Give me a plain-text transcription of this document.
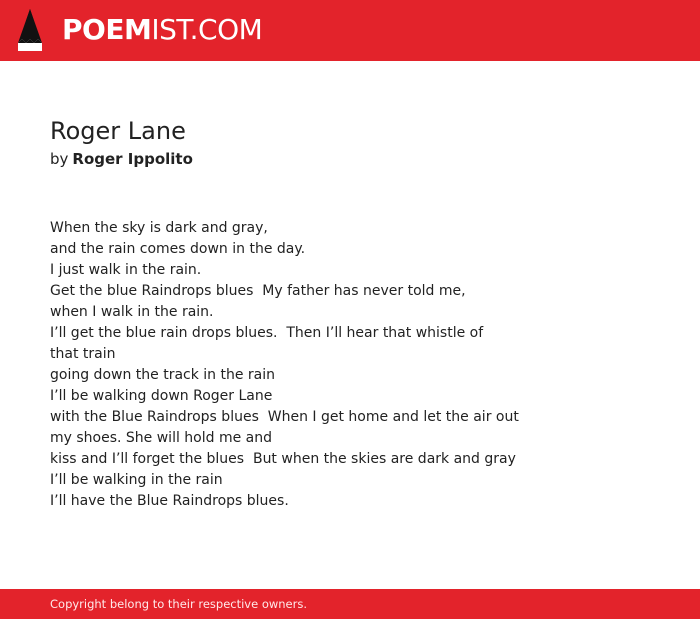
POEMIST.COM
Roger Lane
by Roger Ippolito
When the sky is dark and gray,
and the rain comes down in the day.
I just walk in the rain.
Get the blue Raindrops blues  My father has never told me,
when I walk in the rain.
I’ll get the blue rain drops blues.  Then I’ll hear that whistle of
that train
going down the track in the rain
I’ll be walking down Roger Lane
with the Blue Raindrops blues  When I get home and let the air out
my shoes. She will hold me and
kiss and I’ll forget the blues  But when the skies are dark and gray
I’ll be walking in the rain
I’ll have the Blue Raindrops blues.
Copyright belong to their respective owners.
